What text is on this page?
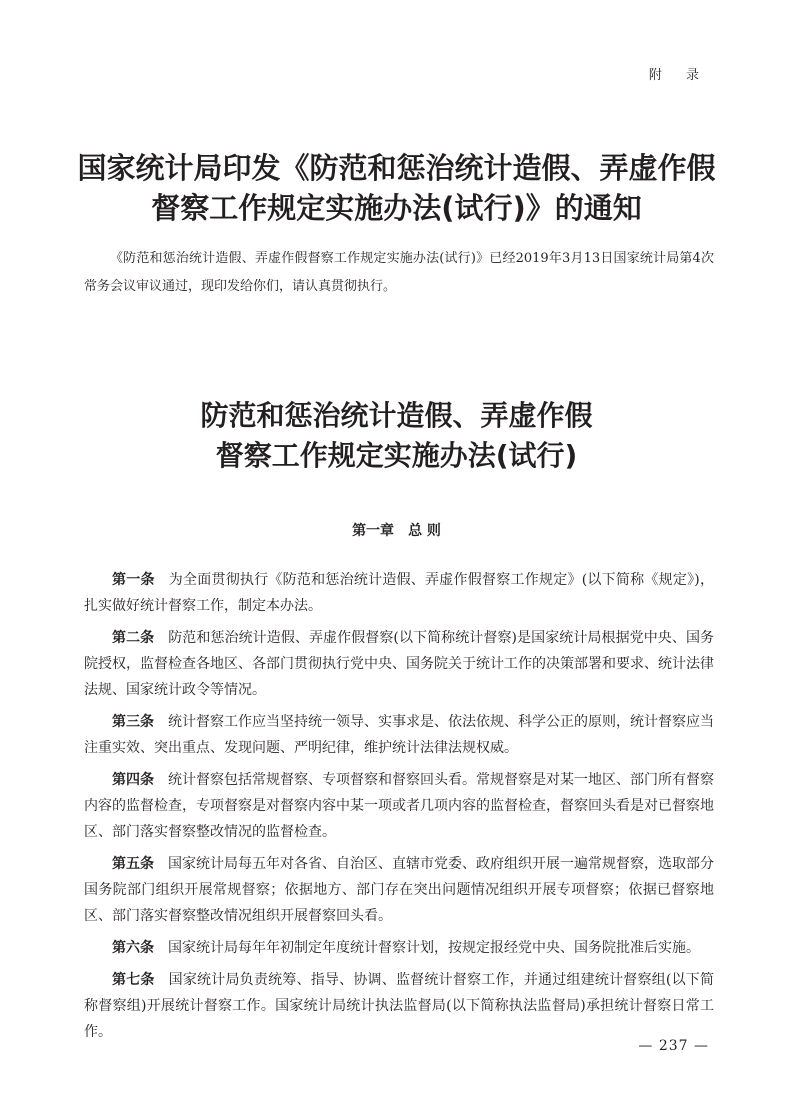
附 录
国家统计局印发《防范和惩治统计造假、弄虚作假
督察工作规定实施办法(试行)》的通知
《防范和惩治统计造假、弄虚作假督察工作规定实施办法(试行)》已经2019年3月13日国家统计局第4次常务会议审议通过，现印发给你们，请认真贯彻执行。
防范和惩治统计造假、弄虚作假
督察工作规定实施办法(试行)
第一章 总 则

第一条 为全面贯彻执行《防范和惩治统计造假、弄虚作假督察工作规定》(以下简称《规定》)，扎实做好统计督察工作，制定本办法。

第二条 防范和惩治统计造假、弄虚作假督察(以下简称统计督察)是国家统计局根据党中央、国务院授权，监督检查各地区、各部门贯彻执行党中央、国务院关于统计工作的决策部署和要求、统计法律法规、国家统计政令等情况。

第三条 统计督察工作应当坚持统一领导、实事求是、依法依规、科学公正的原则，统计督察应当注重实效、突出重点、发现问题、严明纪律，维护统计法律法规权威。

第四条 统计督察包括常规督察、专项督察和督察回头看。常规督察是对某一地区、部门所有督察内容的监督检查，专项督察是对督察内容中某一项或者几项内容的监督检查，督察回头看是对已督察地区、部门落实督察整改情况的监督检查。

第五条 国家统计局每五年对各省、自治区、直辖市党委、政府组织开展一遍常规督察，选取部分国务院部门组织开展常规督察；依据地方、部门存在突出问题情况组织开展专项督察；依据已督察地区、部门落实督察整改情况组织开展督察回头看。

第六条 国家统计局每年年初制定年度统计督察计划，按规定报经党中央、国务院批准后实施。

第七条 国家统计局负责统筹、指导、协调、监督统计督察工作，并通过组建统计督察组(以下简称督察组)开展统计督察工作。国家统计局统计执法监督局(以下简称执法监督局)承担统计督察日常工作。

— 237 —
